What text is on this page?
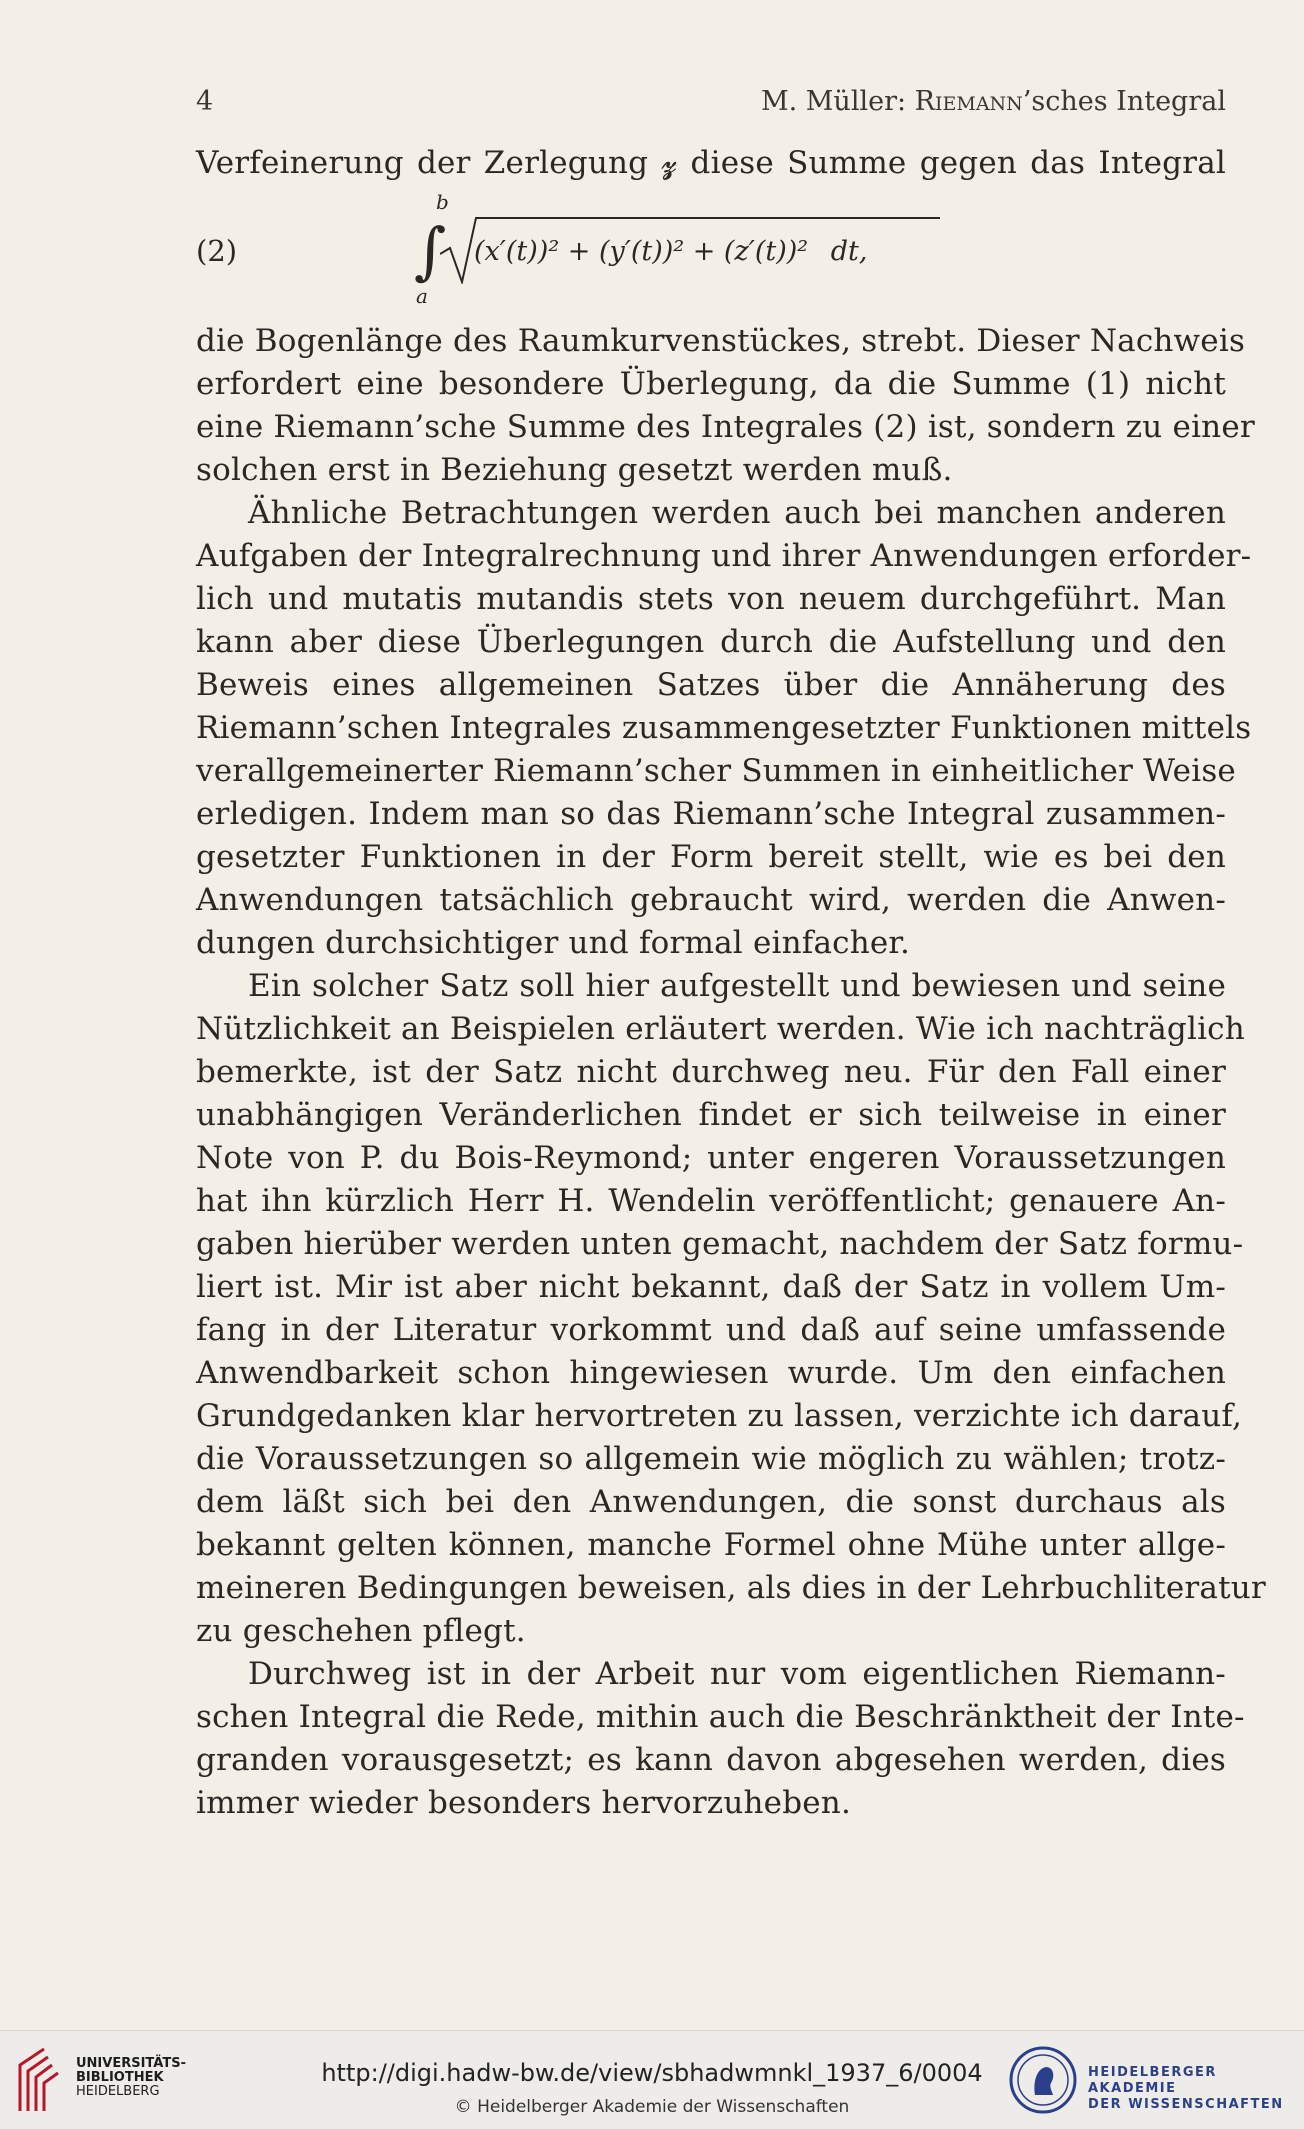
4	M. Müller: Riemann’sches Integral
Verfeinerung der Zerlegung 𝔃 diese Summe gegen das Integral
(2)
b
∫
a
(x′(t))² + (y′(t))² + (z′(t))² dt,
die Bogenlänge des Raumkurvenstückes, strebt. Dieser Nachweis
erfordert eine besondere Überlegung, da die Summe (1) nicht
eine Riemann’sche Summe des Integrales (2) ist, sondern zu einer
solchen erst in Beziehung gesetzt werden muß.
Ähnliche Betrachtungen werden auch bei manchen anderen
Aufgaben der Integralrechnung und ihrer Anwendungen erforder-
lich und mutatis mutandis stets von neuem durchgeführt. Man
kann aber diese Überlegungen durch die Aufstellung und den
Beweis eines allgemeinen Satzes über die Annäherung des
Riemann’schen Integrales zusammengesetzter Funktionen mittels
verallgemeinerter Riemann’scher Summen in einheitlicher Weise
erledigen. Indem man so das Riemann’sche Integral zusammen-
gesetzter Funktionen in der Form bereit stellt, wie es bei den
Anwendungen tatsächlich gebraucht wird, werden die Anwen-
dungen durchsichtiger und formal einfacher.
Ein solcher Satz soll hier aufgestellt und bewiesen und seine
Nützlichkeit an Beispielen erläutert werden. Wie ich nachträglich
bemerkte, ist der Satz nicht durchweg neu. Für den Fall einer
unabhängigen Veränderlichen findet er sich teilweise in einer
Note von P. du Bois-Reymond; unter engeren Voraussetzungen
hat ihn kürzlich Herr H. Wendelin veröffentlicht; genauere An-
gaben hierüber werden unten gemacht, nachdem der Satz formu-
liert ist. Mir ist aber nicht bekannt, daß der Satz in vollem Um-
fang in der Literatur vorkommt und daß auf seine umfassende
Anwendbarkeit schon hingewiesen wurde. Um den einfachen
Grundgedanken klar hervortreten zu lassen, verzichte ich darauf,
die Voraussetzungen so allgemein wie möglich zu wählen; trotz-
dem läßt sich bei den Anwendungen, die sonst durchaus als
bekannt gelten können, manche Formel ohne Mühe unter allge-
meineren Bedingungen beweisen, als dies in der Lehrbuchliteratur
zu geschehen pflegt.
Durchweg ist in der Arbeit nur vom eigentlichen Riemann-
schen Integral die Rede, mithin auch die Beschränktheit der Inte-
granden vorausgesetzt; es kann davon abgesehen werden, dies
immer wieder besonders hervorzuheben.
UNIVERSITÄTS-
BIBLIOTHEK
HEIDELBERG
http://digi.hadw-bw.de/view/sbhadwmnkl_1937_6/0004
© Heidelberger Akademie der Wissenschaften
HEIDELBERGER AKADEMIE
DER WISSENSCHAFTEN
